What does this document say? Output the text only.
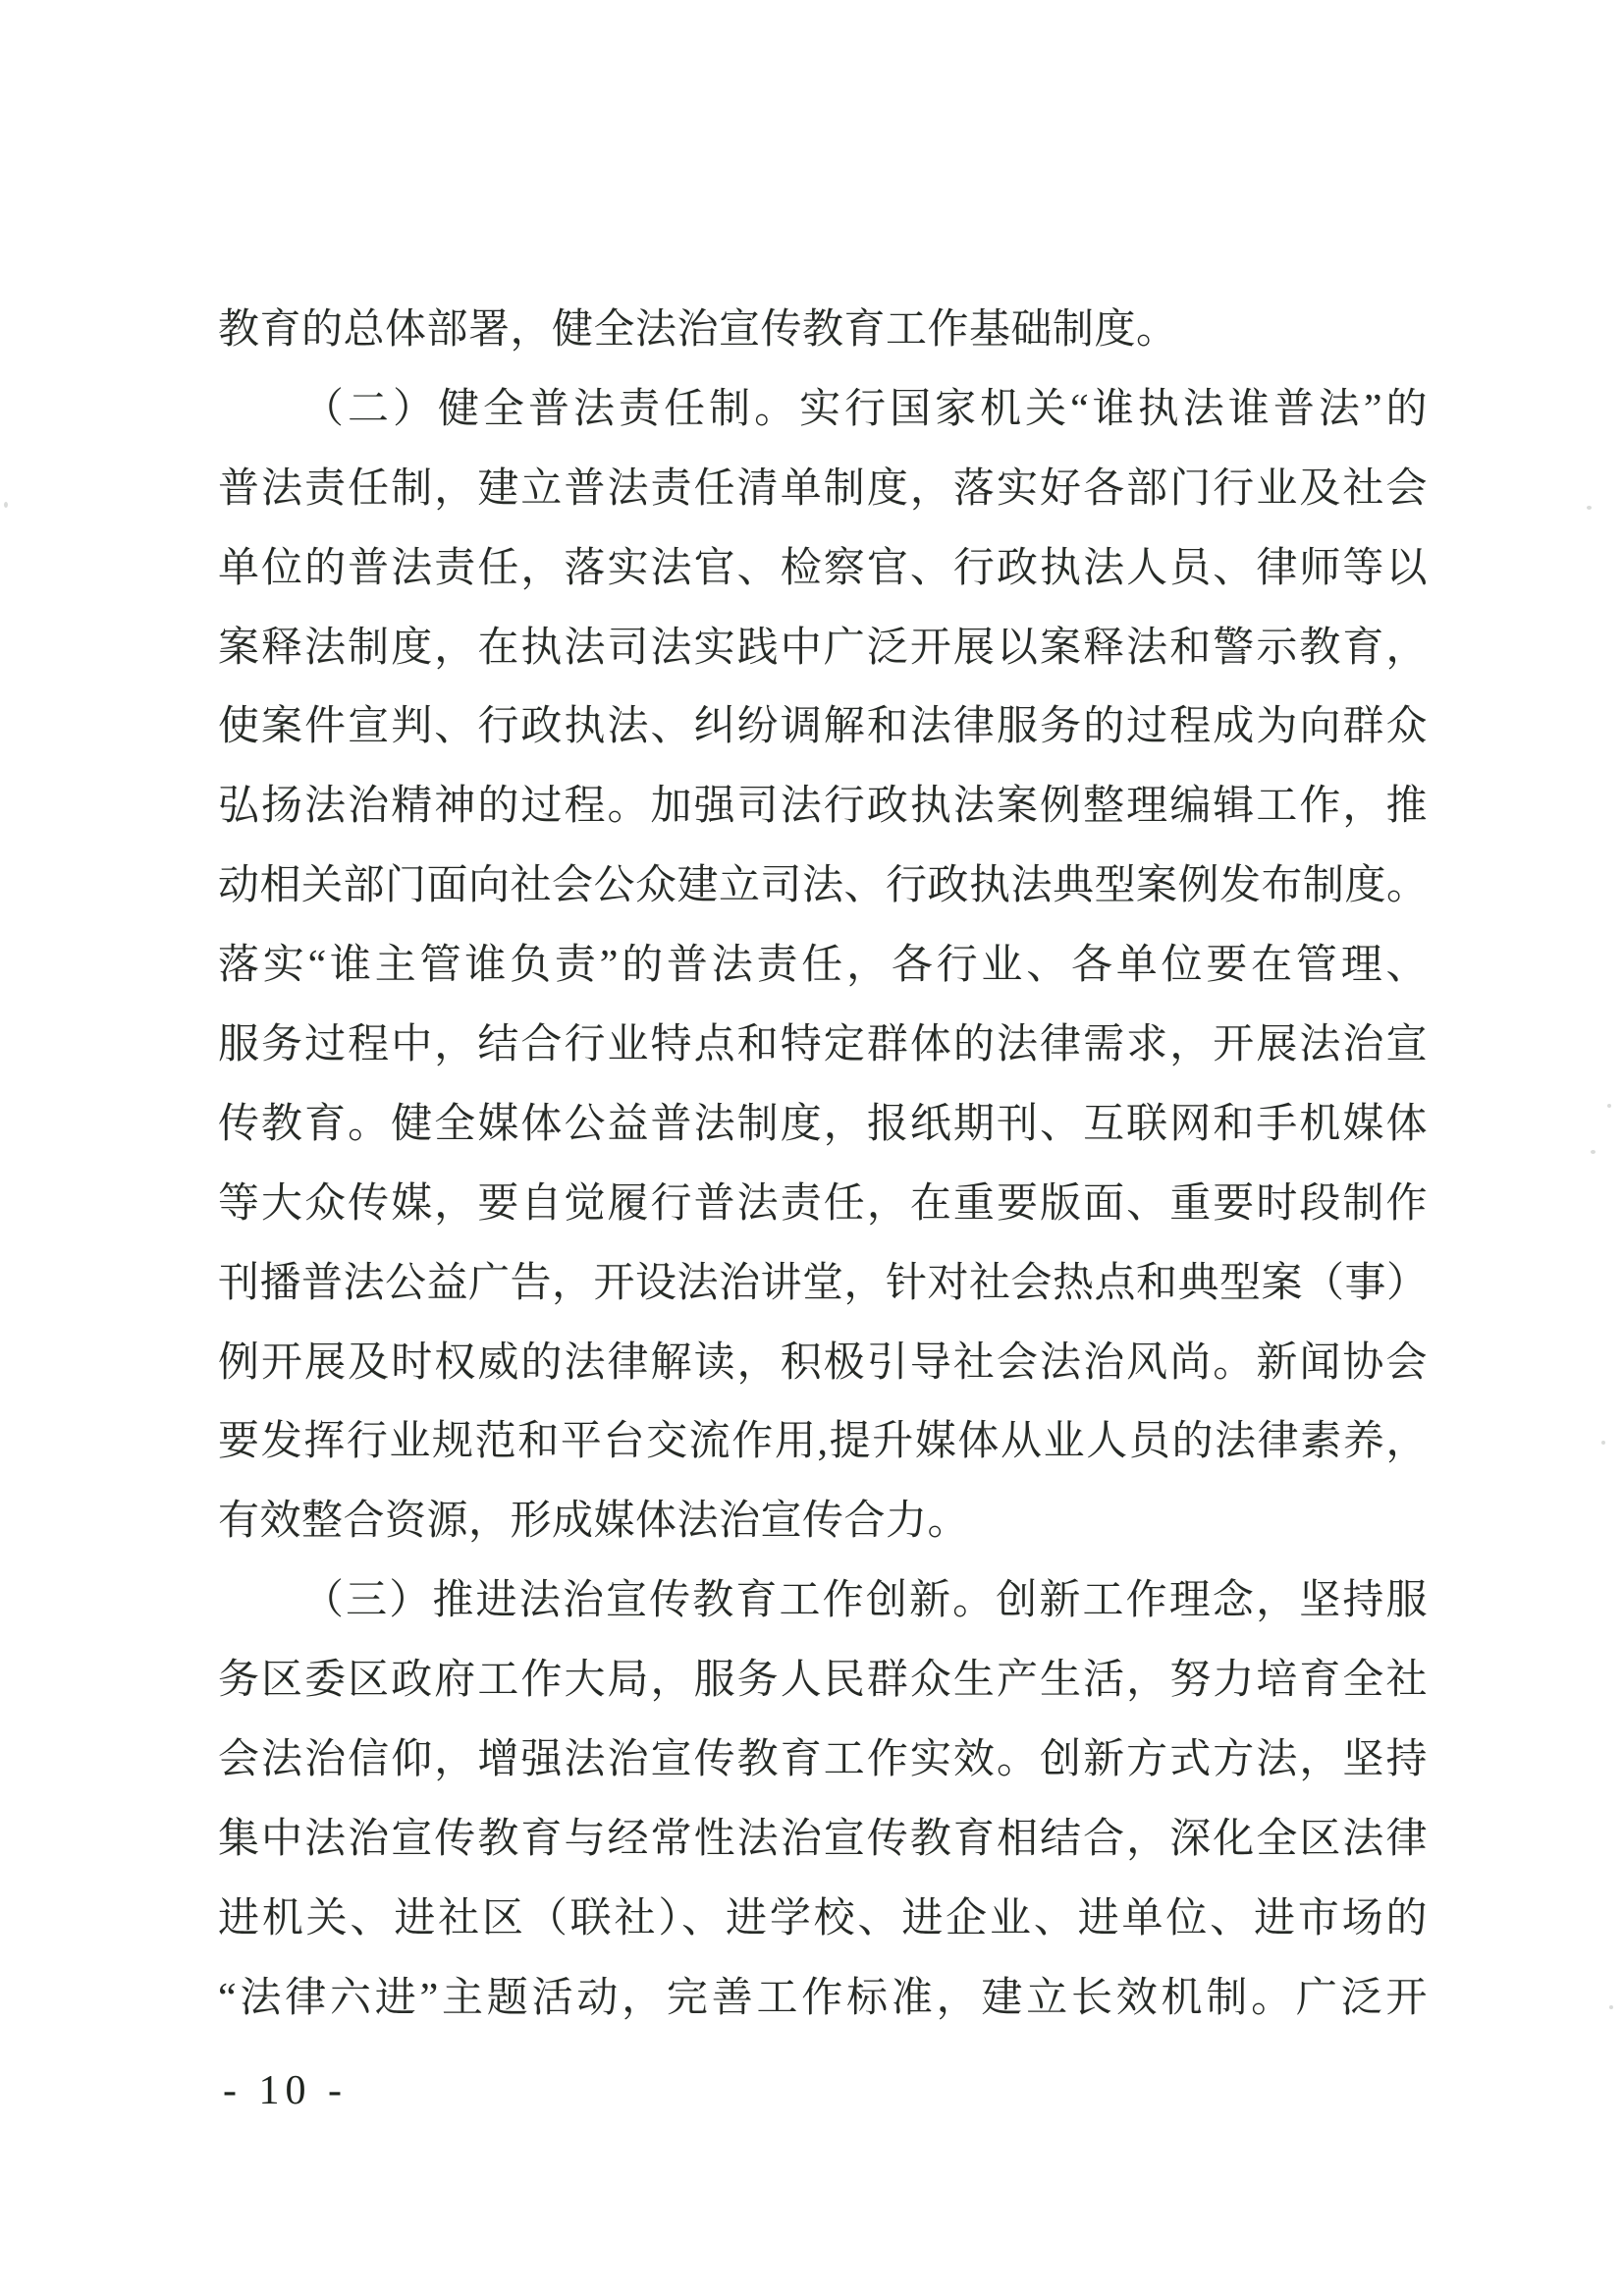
教育的总体部署，健全法治宣传教育工作基础制度。
（二）健全普法责任制。实行国家机关“谁执法谁普法”的
普法责任制，建立普法责任清单制度，落实好各部门行业及社会
单位的普法责任，落实法官、检察官、行政执法人员、律师等以
案释法制度，在执法司法实践中广泛开展以案释法和警示教育，
使案件宣判、行政执法、纠纷调解和法律服务的过程成为向群众
弘扬法治精神的过程。加强司法行政执法案例整理编辑工作，推
动相关部门面向社会公众建立司法、行政执法典型案例发布制度。
落实“谁主管谁负责”的普法责任，各行业、各单位要在管理、
服务过程中，结合行业特点和特定群体的法律需求，开展法治宣
传教育。健全媒体公益普法制度，报纸期刊、互联网和手机媒体
等大众传媒，要自觉履行普法责任，在重要版面、重要时段制作
刊播普法公益广告，开设法治讲堂，针对社会热点和典型案（事）
例开展及时权威的法律解读，积极引导社会法治风尚。新闻协会
要发挥行业规范和平台交流作用,提升媒体从业人员的法律素养，
有效整合资源，形成媒体法治宣传合力。
（三）推进法治宣传教育工作创新。创新工作理念，坚持服
务区委区政府工作大局，服务人民群众生产生活，努力培育全社
会法治信仰，增强法治宣传教育工作实效。创新方式方法，坚持
集中法治宣传教育与经常性法治宣传教育相结合，深化全区法律
进机关、进社区（联社）、进学校、进企业、进单位、进市场的
“法律六进”主题活动，完善工作标准，建立长效机制。广泛开
- 10 -
